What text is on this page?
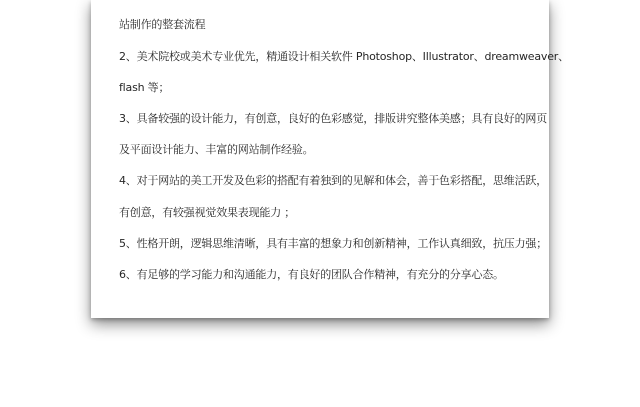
站制作的整套流程
2、美术院校或美术专业优先，精通设计相关软件 Photoshop、Illustrator、dreamweaver、
flash 等；
3、具备较强的设计能力，有创意，良好的色彩感觉，排版讲究整体美感；具有良好的网页
及平面设计能力、丰富的网站制作经验。
4、对于网站的美工开发及色彩的搭配有着独到的见解和体会，善于色彩搭配，思维活跃，
有创意，有较强视觉效果表现能力 ；
5、性格开朗，逻辑思维清晰，具有丰富的想象力和创新精神，工作认真细致，抗压力强；
6、有足够的学习能力和沟通能力，有良好的团队合作精神，有充分的分享心态。
